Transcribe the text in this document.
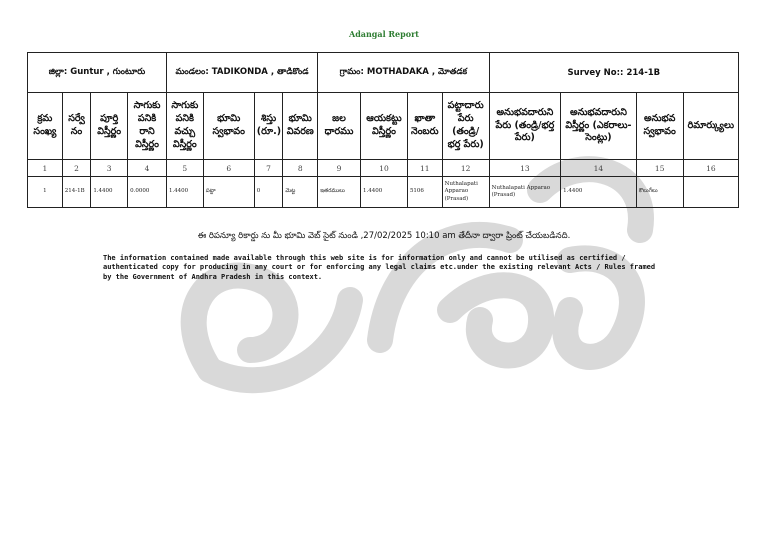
Adangal Report
జిల్లా: Guntur , గుంటూరు				మండలం: TADIKONDA , తాడికొండ				గ్రామం: MOTHADAKA , మోతడక				Survey No:: 214-1B			
క్రమ సంఖ్య	సర్వే నం	పూర్తి విస్తీర్ణం	సాగుకు పనికి రాని విస్తీర్ణం	సాగుకు పనికి వచ్చు విస్తీర్ణం	భూమి స్వభావం	శిస్తు (రూ.)	భూమి వివరణ	జల ధారము	ఆయకట్టు విస్తీర్ణం	ఖాతా నెంబరు	పట్టాదారు పేరు (తండ్రి/ భర్త పేరు)	అనుభవదారుని పేరు (తండ్రి/భర్త పేరు)	అనుభవదారుని విస్తీర్ణం (ఎకరాలు-సెంట్లు)	అనుభవ స్వభావం	రిమార్క్యులు
1	2	3	4	5	6	7	8	9	10	11	12	13	14	15	16
1	214-1B	1.4400	0.0000	1.4400	పట్టా	0	మెట్ట	ఇతరములు	1.4400	5106	Nuthalapati Apparao (Prasad)	Nuthalapati Apparao (Prasad)	1.4400	కౌలుగేలు	
ఈ రిపన్యూ రికార్డు ను మీ భూమి వెబ్ సైట్ నుండి ,27/02/2025 10:10 am తేదీనా ద్వారా ప్రింట్ చేయబడినది.
The information contained made available through this web site is for information only and cannot be utilised as certified / authenticated copy for producing in any court or for enforcing any legal claims etc.under the existing relevant Acts / Rules framed by the Government of Andhra Pradesh in this context.
